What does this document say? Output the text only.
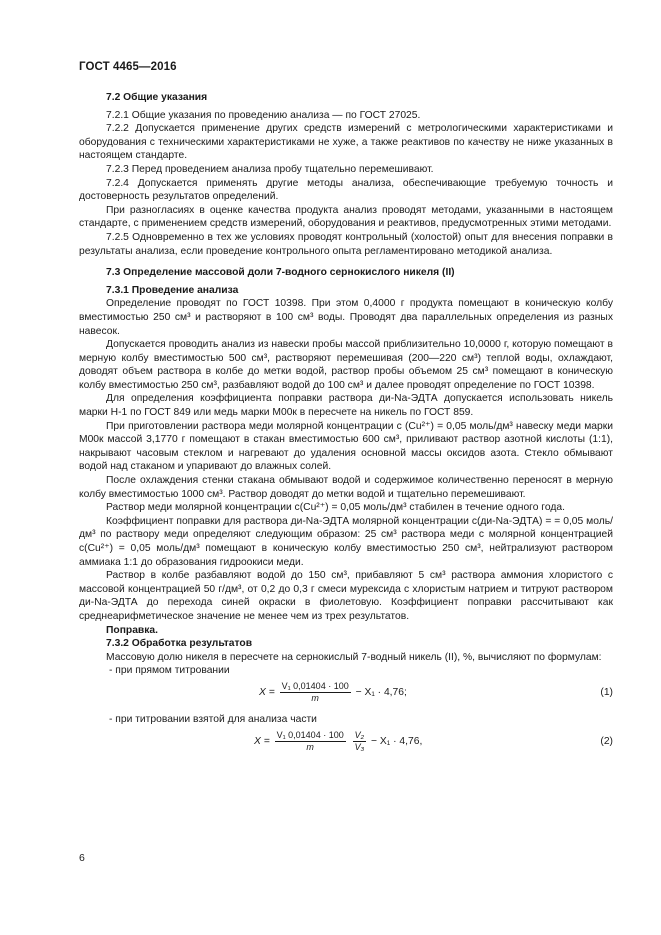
ГОСТ 4465—2016

7.2 Общие указания

7.2.1 Общие указания по проведению анализа — по ГОСТ 27025.

7.2.2 Допускается применение других средств измерений с метрологическими характеристиками и оборудования с техническими характеристиками не хуже, а также реактивов по качеству не ниже указанных в настоящем стандарте.

7.2.3 Перед проведением анализа пробу тщательно перемешивают.

7.2.4 Допускается применять другие методы анализа, обеспечивающие требуемую точность и достоверность результатов определений.

При разногласиях в оценке качества продукта анализ проводят методами, указанными в настоящем стандарте, с применением средств измерений, оборудования и реактивов, предусмотренных этими методами.

7.2.5 Одновременно в тех же условиях проводят контрольный (холостой) опыт для внесения поправки в результаты анализа, если проведение контрольного опыта регламентировано методикой анализа.

7.3 Определение массовой доли 7-водного сернокислого никеля (II)

7.3.1 Проведение анализа

Определение проводят по ГОСТ 10398. При этом 0,4000 г продукта помещают в коническую колбу вместимостью 250 см³ и растворяют в 100 см³ воды. Проводят два параллельных определения из разных навесок.

Допускается проводить анализ из навески пробы массой приблизительно 10,0000 г, которую помещают в мерную колбу вместимостью 500 см³, растворяют перемешивая (200—220 см³) теплой воды, охлаждают, доводят объем раствора в колбе до метки водой, раствор пробы объемом 25 см³ помещают в коническую колбу вместимостью 250 см³, разбавляют водой до 100 см³ и далее проводят определение по ГОСТ 10398.

Для определения коэффициента поправки раствора ди-Na-ЭДТА допускается использовать никель марки Н-1 по ГОСТ 849 или медь марки М00к в пересчете на никель по ГОСТ 859.

При приготовлении раствора меди молярной концентрации c (Cu²⁺) = 0,05 моль/дм³ навеску меди марки М00к массой 3,1770 г помещают в стакан вместимостью 600 см³, приливают раствор азотной кислоты (1:1), накрывают часовым стеклом и нагревают до удаления основной массы оксидов азота. Стекло обмывают водой над стаканом и упаривают до влажных солей.

После охлаждения стенки стакана обмывают водой и содержимое количественно переносят в мерную колбу вместимостью 1000 см³. Раствор доводят до метки водой и тщательно перемешивают.

Раствор меди молярной концентрации c(Cu²⁺) = 0,05 моль/дм³ стабилен в течение одного года.

Коэффициент поправки для раствора ди-Na-ЭДТА молярной концентрации c(ди-Na-ЭДТА) = = 0,05 моль/дм³ по раствору меди определяют следующим образом: 25 см³ раствора меди с молярной концентрацией c(Cu²⁺) = 0,05 моль/дм³ помещают в коническую колбу вместимостью 250 см³, нейтрализуют раствором аммиака 1:1 до образования гидроокиси меди.

Раствор в колбе разбавляют водой до 150 см³, прибавляют 5 см³ раствора аммония хлористого с массовой концентрацией 50 г/дм³, от 0,2 до 0,3 г смеси мурексида с хлористым натрием и титруют раствором ди-Na-ЭДТА до перехода синей окраски в фиолетовую. Коэффициент поправки рассчитывают как среднеарифметическое значение не менее чем из трех результатов.

Поправка.

7.3.2 Обработка результатов

Массовую долю никеля в пересчете на сернокислый 7-водный никель (II), %, вычисляют по формулам:

- при прямом титровании

$X = \frac{\text{V₁ 0,01404 · 100}}{m} - X_1 \cdot 4,76$;	(1)

- при титровании взятой для анализа части

$X = \frac{\text{V₁ 0,01404 · 100}}{m}$
$\frac{\text{V₂}}{\text{V₃}} - X_1 \cdot 4,76$,	(2)
6
